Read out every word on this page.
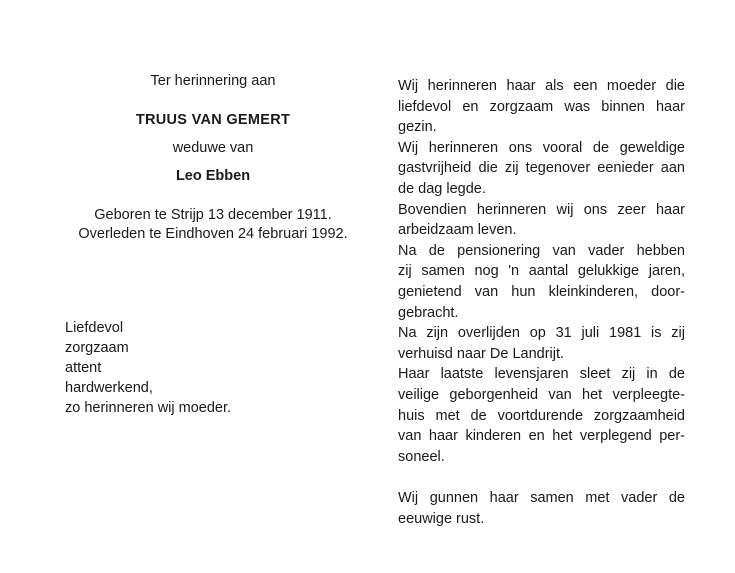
Ter herinnering aan
TRUUS VAN GEMERT
weduwe van
Leo Ebben
Geboren te Strijp 13 december 1911.
Overleden te Eindhoven 24 februari 1992.
Liefdevol
zorgzaam
attent
hardwerkend,
zo herinneren wij moeder.

Wij herinneren haar als een moeder die

liefdevol en zorgzaam was binnen haar

gezin.

Wij herinneren ons vooral de geweldige

gastvrijheid die zij tegenover eenieder aan

de dag legde.

Bovendien herinneren wij ons zeer haar

arbeidzaam leven.

Na de pensionering van vader hebben

zij samen nog 'n aantal gelukkige jaren,

genietend van hun kleinkinderen, door-

gebracht.

Na zijn overlijden op 31 juli 1981 is zij

verhuisd naar De Landrijt.

Haar laatste levensjaren sleet zij in de

veilige geborgenheid van het verpleegte-

huis met de voortdurende zorgzaamheid

van haar kinderen en het verplegend per-

soneel.

Wij gunnen haar samen met vader de

eeuwige rust.
